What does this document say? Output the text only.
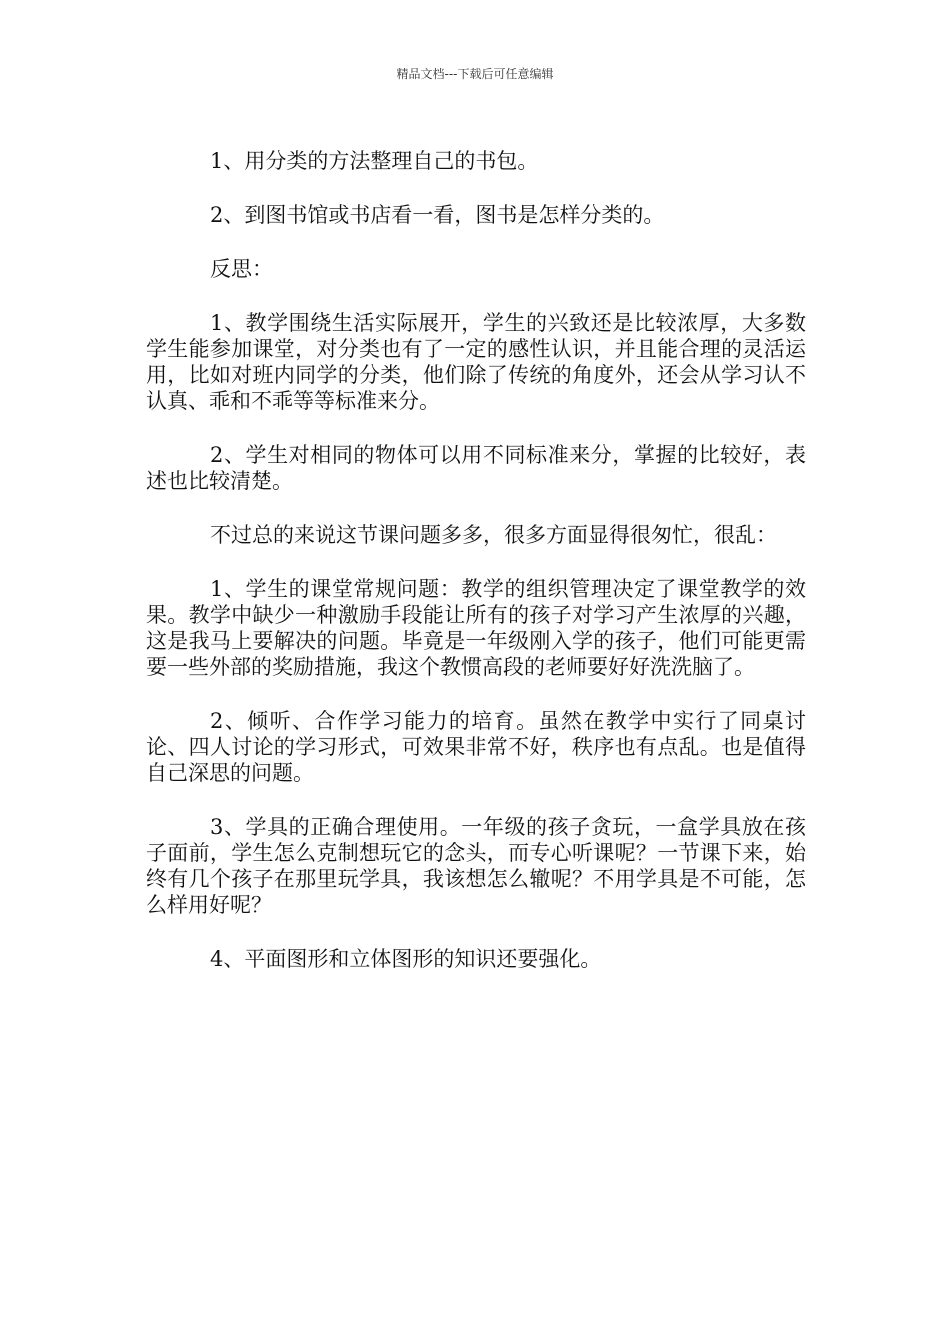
精品文档---下载后可任意编辑

1、用分类的方法整理自己的书包。

2、到图书馆或书店看一看，图书是怎样分类的。

反思：

1、教学围绕生活实际展开，学生的兴致还是比较浓厚，大多数学生能参加课堂，对分类也有了一定的感性认识，并且能合理的灵活运用，比如对班内同学的分类，他们除了传统的角度外，还会从学习认不认真、乖和不乖等等标准来分。

2、学生对相同的物体可以用不同标准来分，掌握的比较好，表述也比较清楚。

不过总的来说这节课问题多多，很多方面显得很匆忙，很乱：

1、学生的课堂常规问题：教学的组织管理决定了课堂教学的效果。教学中缺少一种激励手段能让所有的孩子对学习产生浓厚的兴趣，这是我马上要解决的问题。毕竟是一年级刚入学的孩子，他们可能更需要一些外部的奖励措施，我这个教惯高段的老师要好好洗洗脑了。

2、倾听、合作学习能力的培育。虽然在教学中实行了同桌讨论、四人讨论的学习形式，可效果非常不好，秩序也有点乱。也是值得自己深思的问题。

3、学具的正确合理使用。一年级的孩子贪玩，一盒学具放在孩子面前，学生怎么克制想玩它的念头，而专心听课呢？一节课下来，始终有几个孩子在那里玩学具，我该想怎么辙呢？不用学具是不可能，怎么样用好呢？

4、平面图形和立体图形的知识还要强化。
